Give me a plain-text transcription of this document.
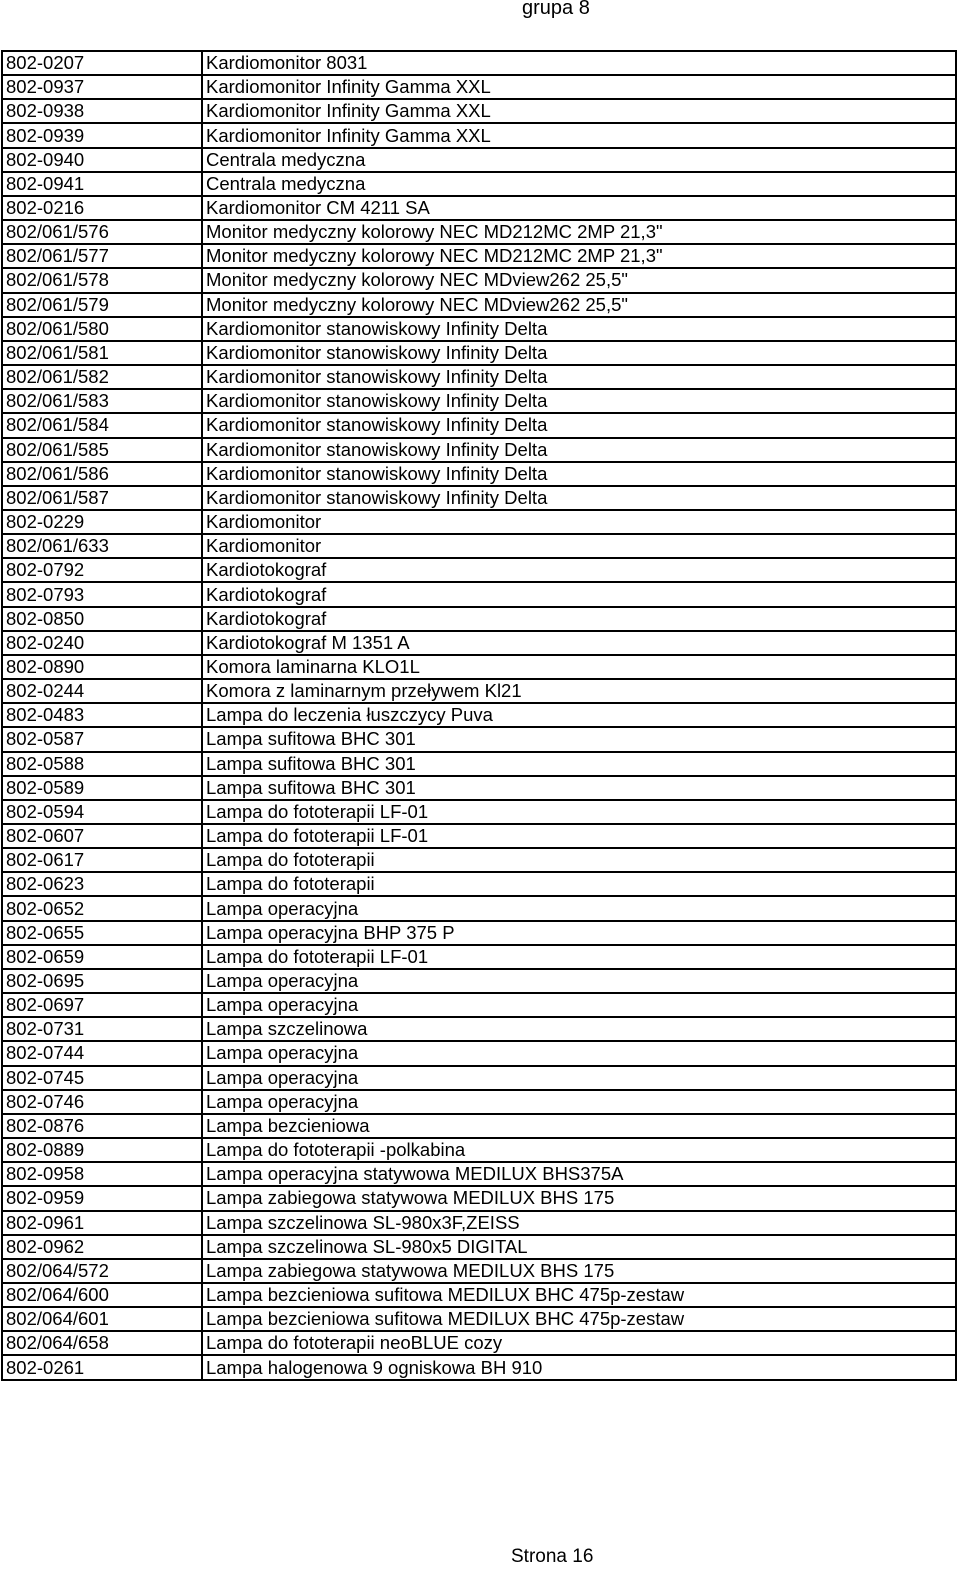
grupa 8
802-0207	Kardiomonitor 8031
802-0937	Kardiomonitor Infinity Gamma XXL
802-0938	Kardiomonitor Infinity Gamma XXL
802-0939	Kardiomonitor Infinity Gamma XXL
802-0940	Centrala medyczna
802-0941	Centrala medyczna
802-0216	Kardiomonitor CM 4211 SA
802/061/576	Monitor medyczny kolorowy NEC MD212MC 2MP 21,3"
802/061/577	Monitor medyczny kolorowy NEC MD212MC 2MP 21,3"
802/061/578	Monitor medyczny kolorowy NEC MDview262 25,5"
802/061/579	Monitor medyczny kolorowy NEC MDview262 25,5"
802/061/580	Kardiomonitor stanowiskowy Infinity Delta
802/061/581	Kardiomonitor stanowiskowy Infinity Delta
802/061/582	Kardiomonitor stanowiskowy Infinity Delta
802/061/583	Kardiomonitor stanowiskowy Infinity Delta
802/061/584	Kardiomonitor stanowiskowy Infinity Delta
802/061/585	Kardiomonitor stanowiskowy Infinity Delta
802/061/586	Kardiomonitor stanowiskowy Infinity Delta
802/061/587	Kardiomonitor stanowiskowy Infinity Delta
802-0229	Kardiomonitor
802/061/633	Kardiomonitor
802-0792	Kardiotokograf
802-0793	Kardiotokograf
802-0850	Kardiotokograf
802-0240	Kardiotokograf M 1351 A
802-0890	Komora laminarna KLO1L
802-0244	Komora z laminarnym przeływem Kl21
802-0483	Lampa do leczenia łuszczycy Puva
802-0587	Lampa sufitowa BHC 301
802-0588	Lampa sufitowa BHC 301
802-0589	Lampa sufitowa BHC 301
802-0594	Lampa do fototerapii LF-01
802-0607	Lampa do fototerapii LF-01
802-0617	Lampa do fototerapii
802-0623	Lampa do fototerapii
802-0652	Lampa operacyjna
802-0655	Lampa operacyjna BHP 375 P
802-0659	Lampa do fototerapii LF-01
802-0695	Lampa operacyjna
802-0697	Lampa operacyjna
802-0731	Lampa szczelinowa
802-0744	Lampa operacyjna
802-0745	Lampa operacyjna
802-0746	Lampa operacyjna
802-0876	Lampa bezcieniowa
802-0889	Lampa do fototerapii -polkabina
802-0958	Lampa operacyjna statywowa MEDILUX BHS375A
802-0959	Lampa zabiegowa statywowa MEDILUX BHS 175
802-0961	Lampa szczelinowa SL-980x3F,ZEISS
802-0962	Lampa szczelinowa SL-980x5 DIGITAL
802/064/572	Lampa zabiegowa statywowa MEDILUX BHS 175
802/064/600	Lampa bezcieniowa sufitowa MEDILUX BHC 475p-zestaw
802/064/601	Lampa bezcieniowa sufitowa MEDILUX BHC 475p-zestaw
802/064/658	Lampa do fototerapii neoBLUE cozy
802-0261	Lampa halogenowa 9 ogniskowa BH 910
Strona 16
